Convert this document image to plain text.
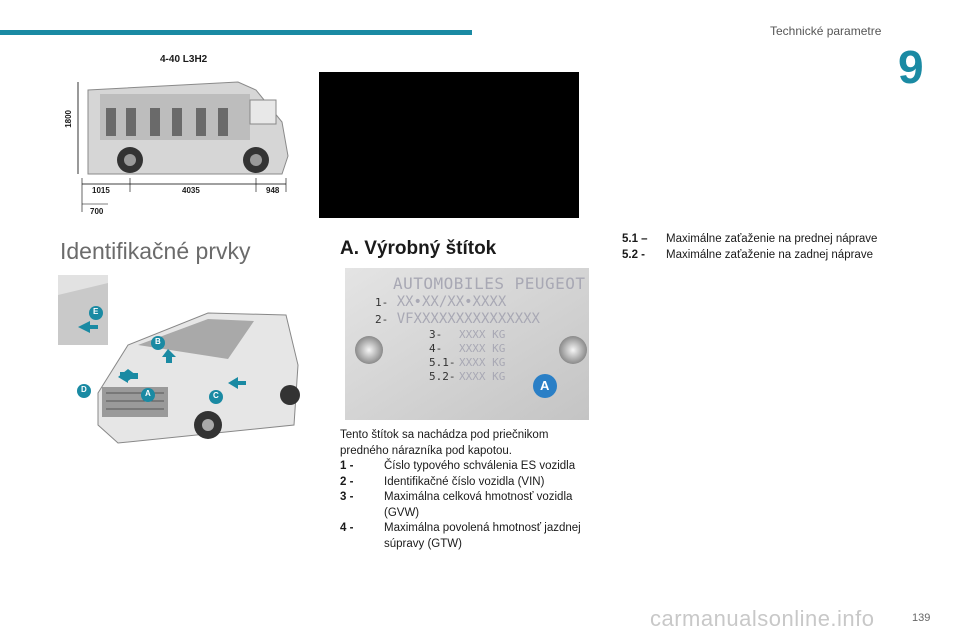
Technické parametre
9
4-40 L3H2
1800
1015	4035	948
700
Identifikačné prvky	A. Výrobný štítok
A
B
C
D
E
AUTOMOBILES PEUGEOT
1- XX•XX/XX•XXXX
2- VFXXXXXXXXXXXXXXX
3- XXXX KG
4- XXXX KG
5.1- XXXX KG
5.2- XXXX KG
A
Tento štítok sa nachádza pod priečnikom predného nárazníka pod kapotou.
1 -	Číslo typového schválenia ES vozidla
2 -	Identifikačné číslo vozidla (VIN)
3 -	Maximálna celková hmotnosť vozidla (GVW)
4 -	Maximálna povolená hmotnosť jazdnej súpravy (GTW)
5.1 – Maximálne zaťaženie na prednej náprave
5.2 - Maximálne zaťaženie na zadnej náprave
carmanualsonline.info	139
